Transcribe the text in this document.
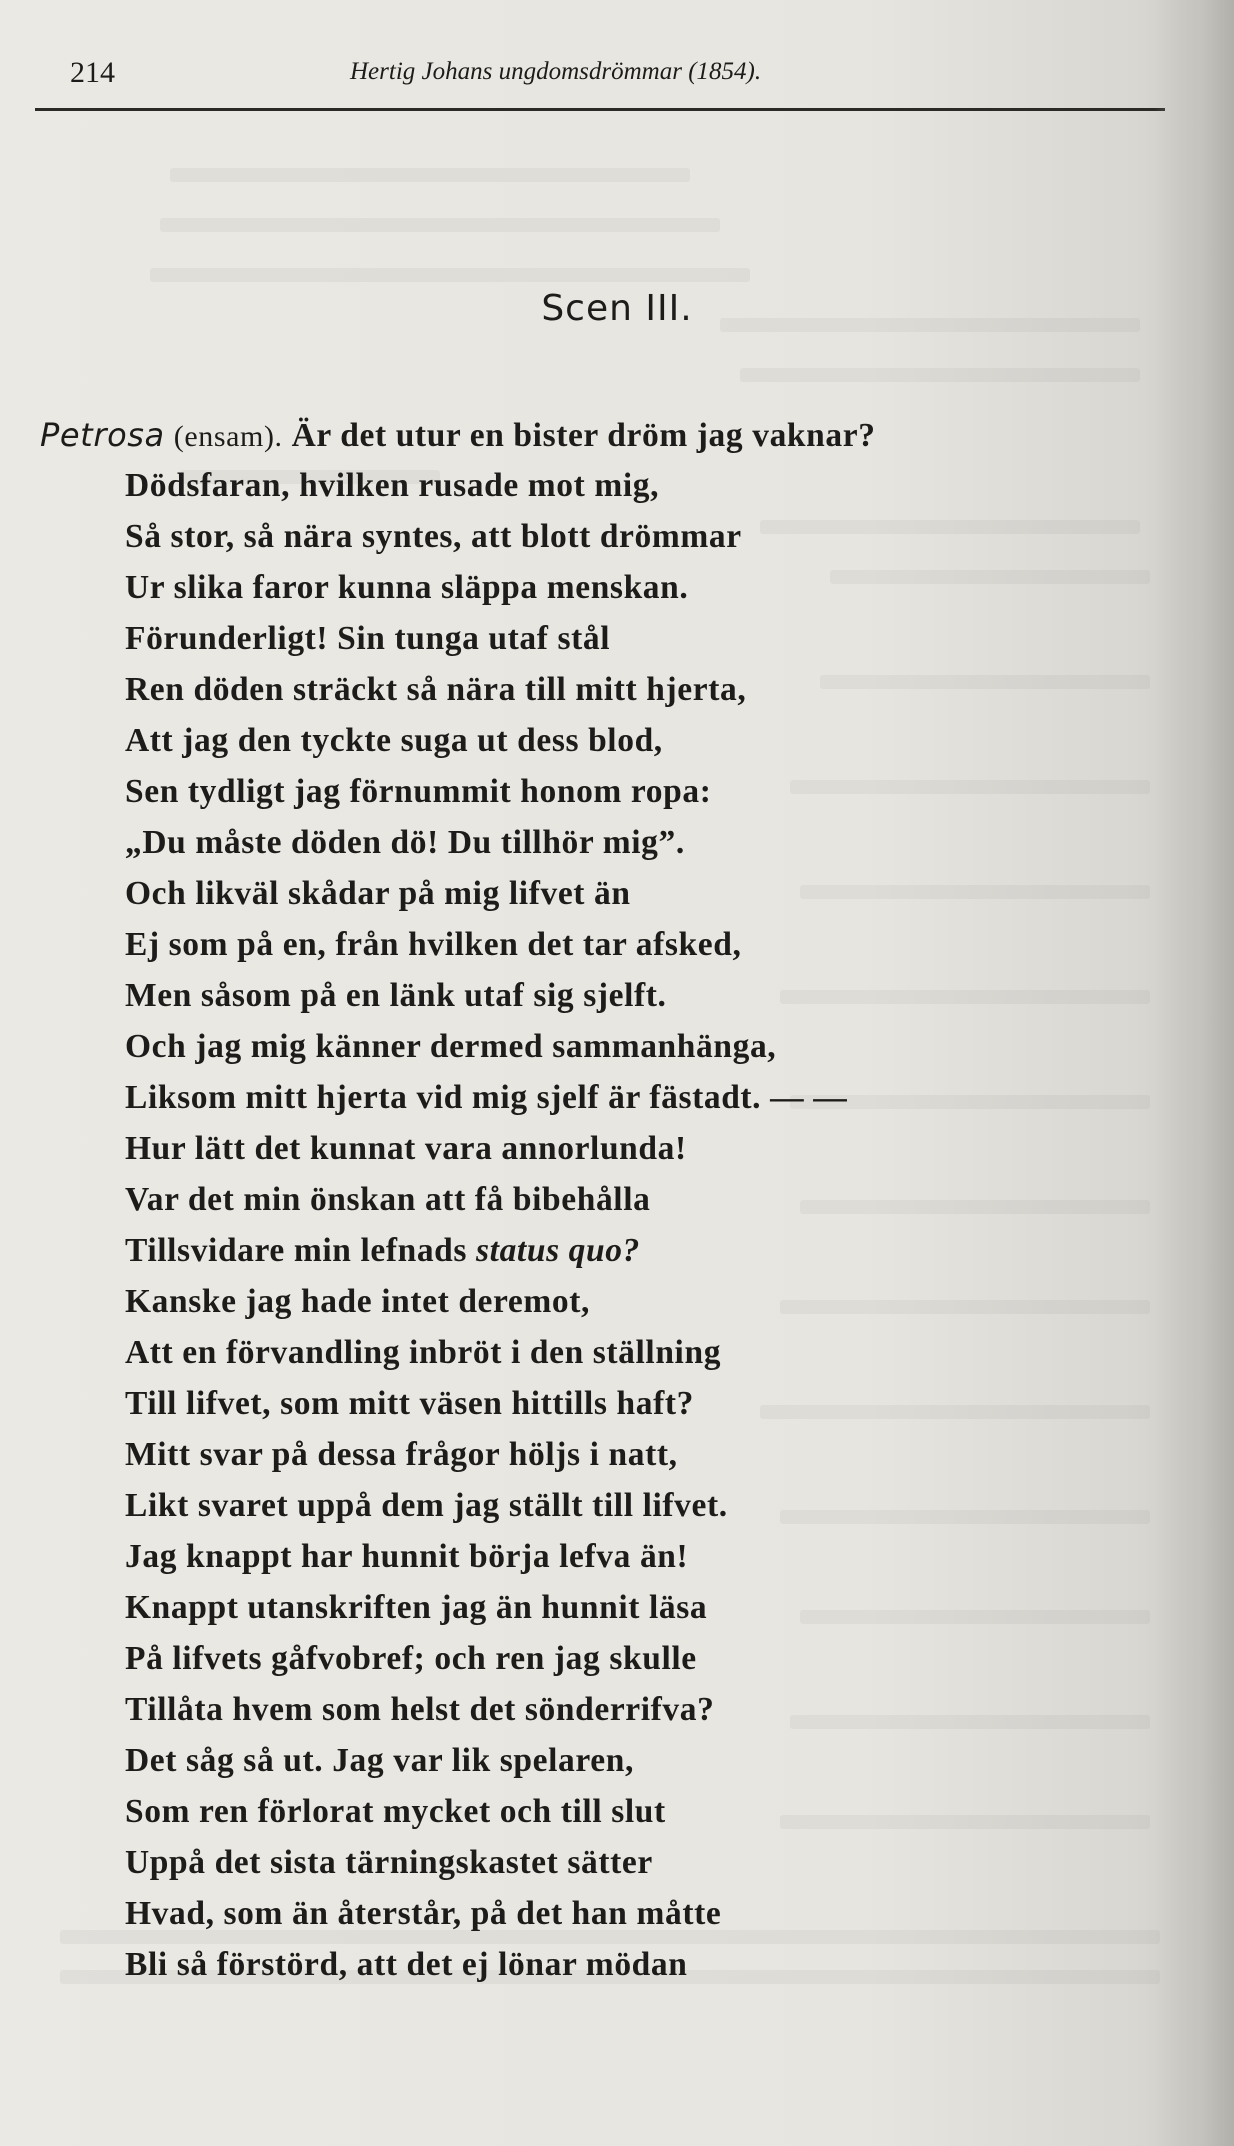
214	Hertig Johans ungdomsdrömmar (1854).
Scen III.
Petrosa (ensam). Är det utur en bister dröm jag vaknar?
Dödsfaran, hvilken rusade mot mig,
Så stor, så nära syntes, att blott drömmar
Ur slika faror kunna släppa menskan.
Förunderligt! Sin tunga utaf stål
Ren döden sträckt så nära till mitt hjerta,
Att jag den tyckte suga ut dess blod,
Sen tydligt jag förnummit honom ropa:
„Du måste döden dö! Du tillhör mig”.
Och likväl skådar på mig lifvet än
Ej som på en, från hvilken det tar afsked,
Men såsom på en länk utaf sig sjelft.
Och jag mig känner dermed sammanhänga,
Liksom mitt hjerta vid mig sjelf är fästadt. — —
Hur lätt det kunnat vara annorlunda!
Var det min önskan att få bibehålla
Tillsvidare min lefnads status quo?
Kanske jag hade intet deremot,
Att en förvandling inbröt i den ställning
Till lifvet, som mitt väsen hittills haft?
Mitt svar på dessa frågor höljs i natt,
Likt svaret uppå dem jag ställt till lifvet.
Jag knappt har hunnit börja lefva än!
Knappt utanskriften jag än hunnit läsa
På lifvets gåfvobref; och ren jag skulle
Tillåta hvem som helst det sönderrifva?
Det såg så ut. Jag var lik spelaren,
Som ren förlorat mycket och till slut
Uppå det sista tärningskastet sätter
Hvad, som än återstår, på det han måtte
Bli så förstörd, att det ej lönar mödan
